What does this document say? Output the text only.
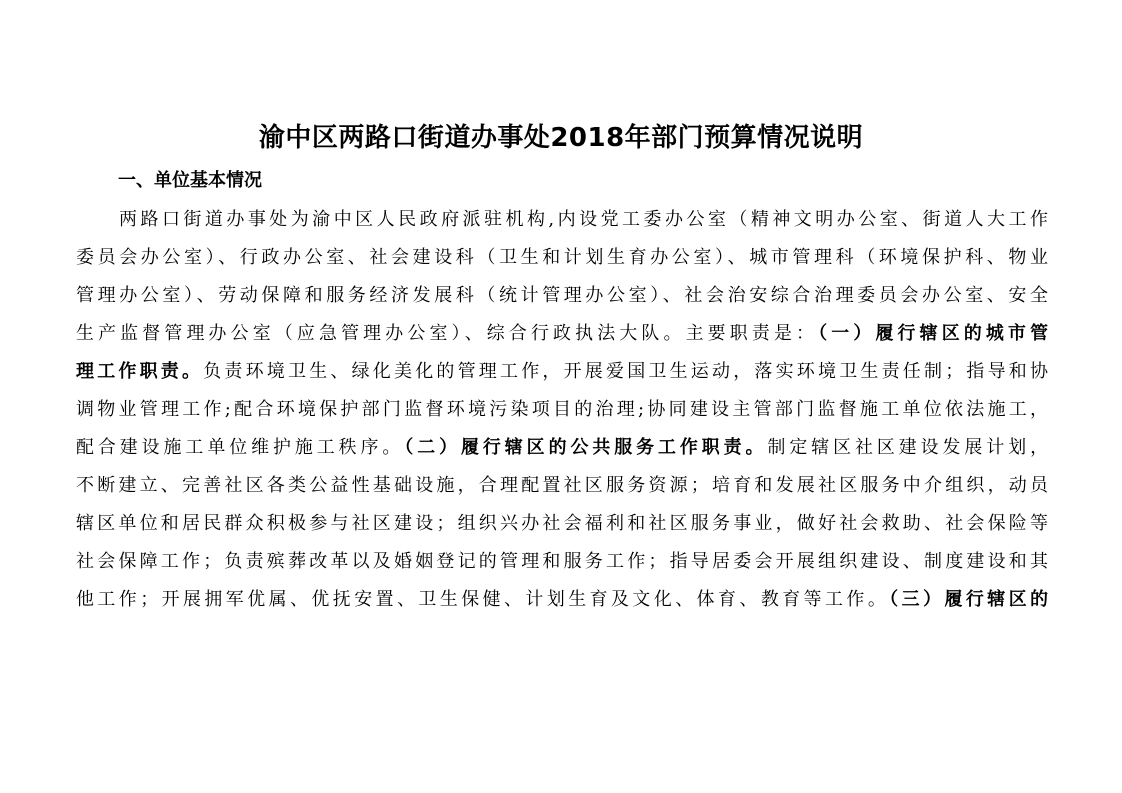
渝中区两路口街道办事处2018年部门预算情况说明
一、单位基本情况
两路口街道办事处为渝中区人民政府派驻机构,内设党工委办公室（精神文明办公室、街道人大工作
委员会办公室）、行政办公室、社会建设科（卫生和计划生育办公室）、城市管理科（环境保护科、物业
管理办公室）、劳动保障和服务经济发展科（统计管理办公室）、社会治安综合治理委员会办公室、安全
生产监督管理办公室（应急管理办公室）、综合行政执法大队。主要职责是：（一）履行辖区的城市管
理工作职责。负责环境卫生、绿化美化的管理工作，开展爱国卫生运动，落实环境卫生责任制；指导和协
调物业管理工作;配合环境保护部门监督环境污染项目的治理;协同建设主管部门监督施工单位依法施工，
配合建设施工单位维护施工秩序。（二）履行辖区的公共服务工作职责。制定辖区社区建设发展计划，
不断建立、完善社区各类公益性基础设施，合理配置社区服务资源；培育和发展社区服务中介组织，动员
辖区单位和居民群众积极参与社区建设；组织兴办社会福利和社区服务事业，做好社会救助、社会保险等
社会保障工作；负责殡葬改革以及婚姻登记的管理和服务工作；指导居委会开展组织建设、制度建设和其
他工作；开展拥军优属、优抚安置、卫生保健、计划生育及文化、体育、教育等工作。（三）履行辖区的
